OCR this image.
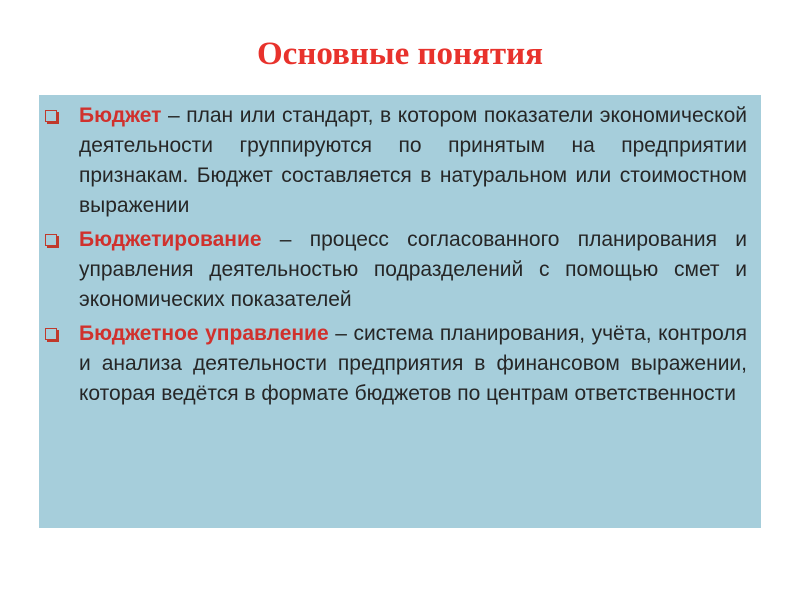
Основные понятия

Бюджет – план или стандарт, в котором показатели экономической деятельности группируются по принятым на предприятии признакам. Бюджет составляется в натуральном или стоимостном выражении

Бюджетирование – процесс согласованного планирования и управления деятельностью подразделений с помощью смет и экономических показателей

Бюджетное управление – система планирования, учёта, контроля и анализа деятельности предприятия в финансовом выражении, которая ведётся в формате бюджетов по центрам ответственности
